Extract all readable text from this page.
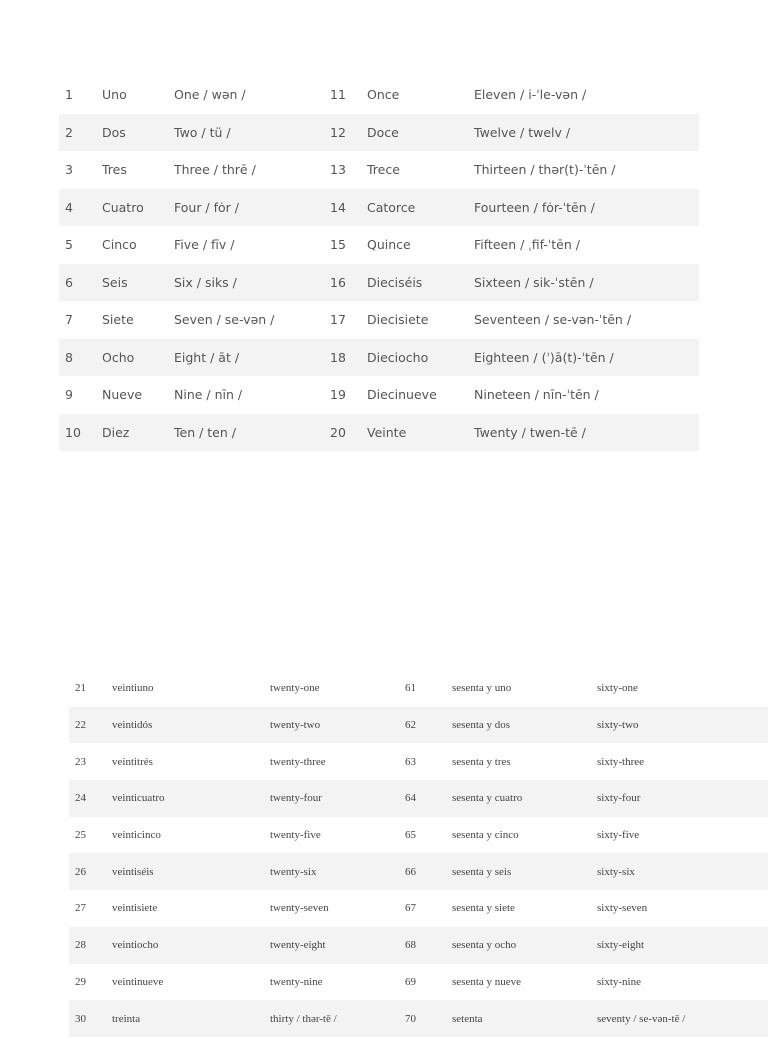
1	Uno	One / wən /	11	Once	Eleven / i-ˈle-vən /
2	Dos	Two / tü /	12	Doce	Twelve / twelv /
3	Tres	Three / thrē /	13	Trece	Thirteen / thər(t)-ˈtēn /
4	Cuatro	Four / fȯr /	14	Catorce	Fourteen / fȯr-ˈtēn /
5	Cinco	Five / fīv /	15	Quince	Fifteen / ˌfif-ˈtēn /
6	Seis	Six / siks /	16	Dieciséis	Sixteen / sik-ˈstēn /
7	Siete	Seven / se-vən /	17	Diecisiete	Seventeen / se-vən-ˈtēn /
8	Ocho	Eight / āt /	18	Dieciocho	Eighteen / (ˈ)ā(t)-ˈtēn /
9	Nueve	Nine / nīn /	19	Diecinueve	Nineteen / nīn-ˈtēn /
10	Diez	Ten / ten /	20	Veinte	Twenty / twen-tē /
21	veintiuno	twenty-one	61	sesenta y uno	sixty-one
22	veintidós	twenty-two	62	sesenta y dos	sixty-two
23	veintitrés	twenty-three	63	sesenta y tres	sixty-three
24	veinticuatro	twenty-four	64	sesenta y cuatro	sixty-four
25	veinticinco	twenty-five	65	sesenta y cinco	sixty-five
26	veintiséis	twenty-six	66	sesenta y seis	sixty-six
27	veintisiete	twenty-seven	67	sesenta y siete	sixty-seven
28	veintiocho	twenty-eight	68	sesenta y ocho	sixty-eight
29	veintinueve	twenty-nine	69	sesenta y nueve	sixty-nine
30	treinta	thirty / thər-tē /	70	setenta	seventy / se-vən-tē /
